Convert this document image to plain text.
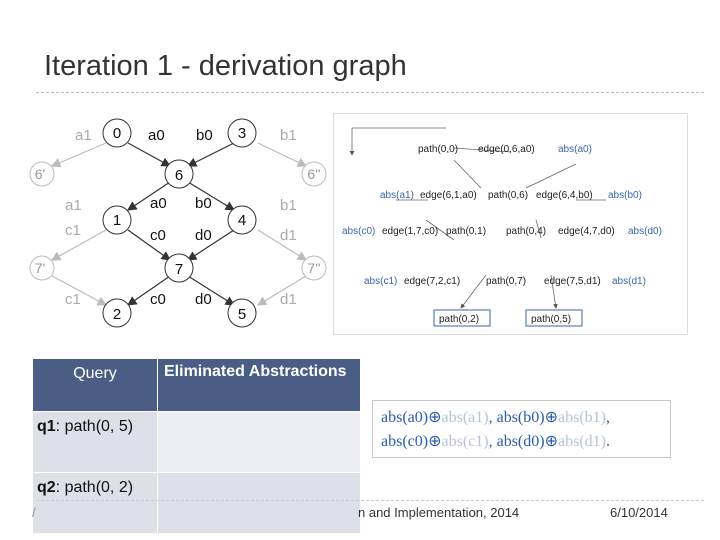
Iteration 1 - derivation graph
a1 0 a0 b0 3 b1
6'	6	6''
a1
c1
1
a0 b0
c0 d0
4
b1
d1
7'	7	7''
c1
2
c0 d0
5
d1
path(0,0) edge(0,6,a0) abs(a0)
abs(a1) edge(6,1,a0) path(0,6) edge(6,4,b0) abs(b0)
abs(c0) edge(1,7,c0) path(0,1) path(0,4) edge(4,7,d0) abs(d0)
abs(c1) edge(7,2,c1)	path(0,7) edge(7,5,d1) abs(d1)
path(0,2)	path(0,5)
Query	Eliminated Abstractions
q1: path(0, 5)	
q2: path(0, 2)	
abs(a0)⊕abs(a1), abs(b0)⊕abs(b1),
abs(c0)⊕abs(c1), abs(d0)⊕abs(d1).
/	n and Implementation, 2014	6/10/2014
